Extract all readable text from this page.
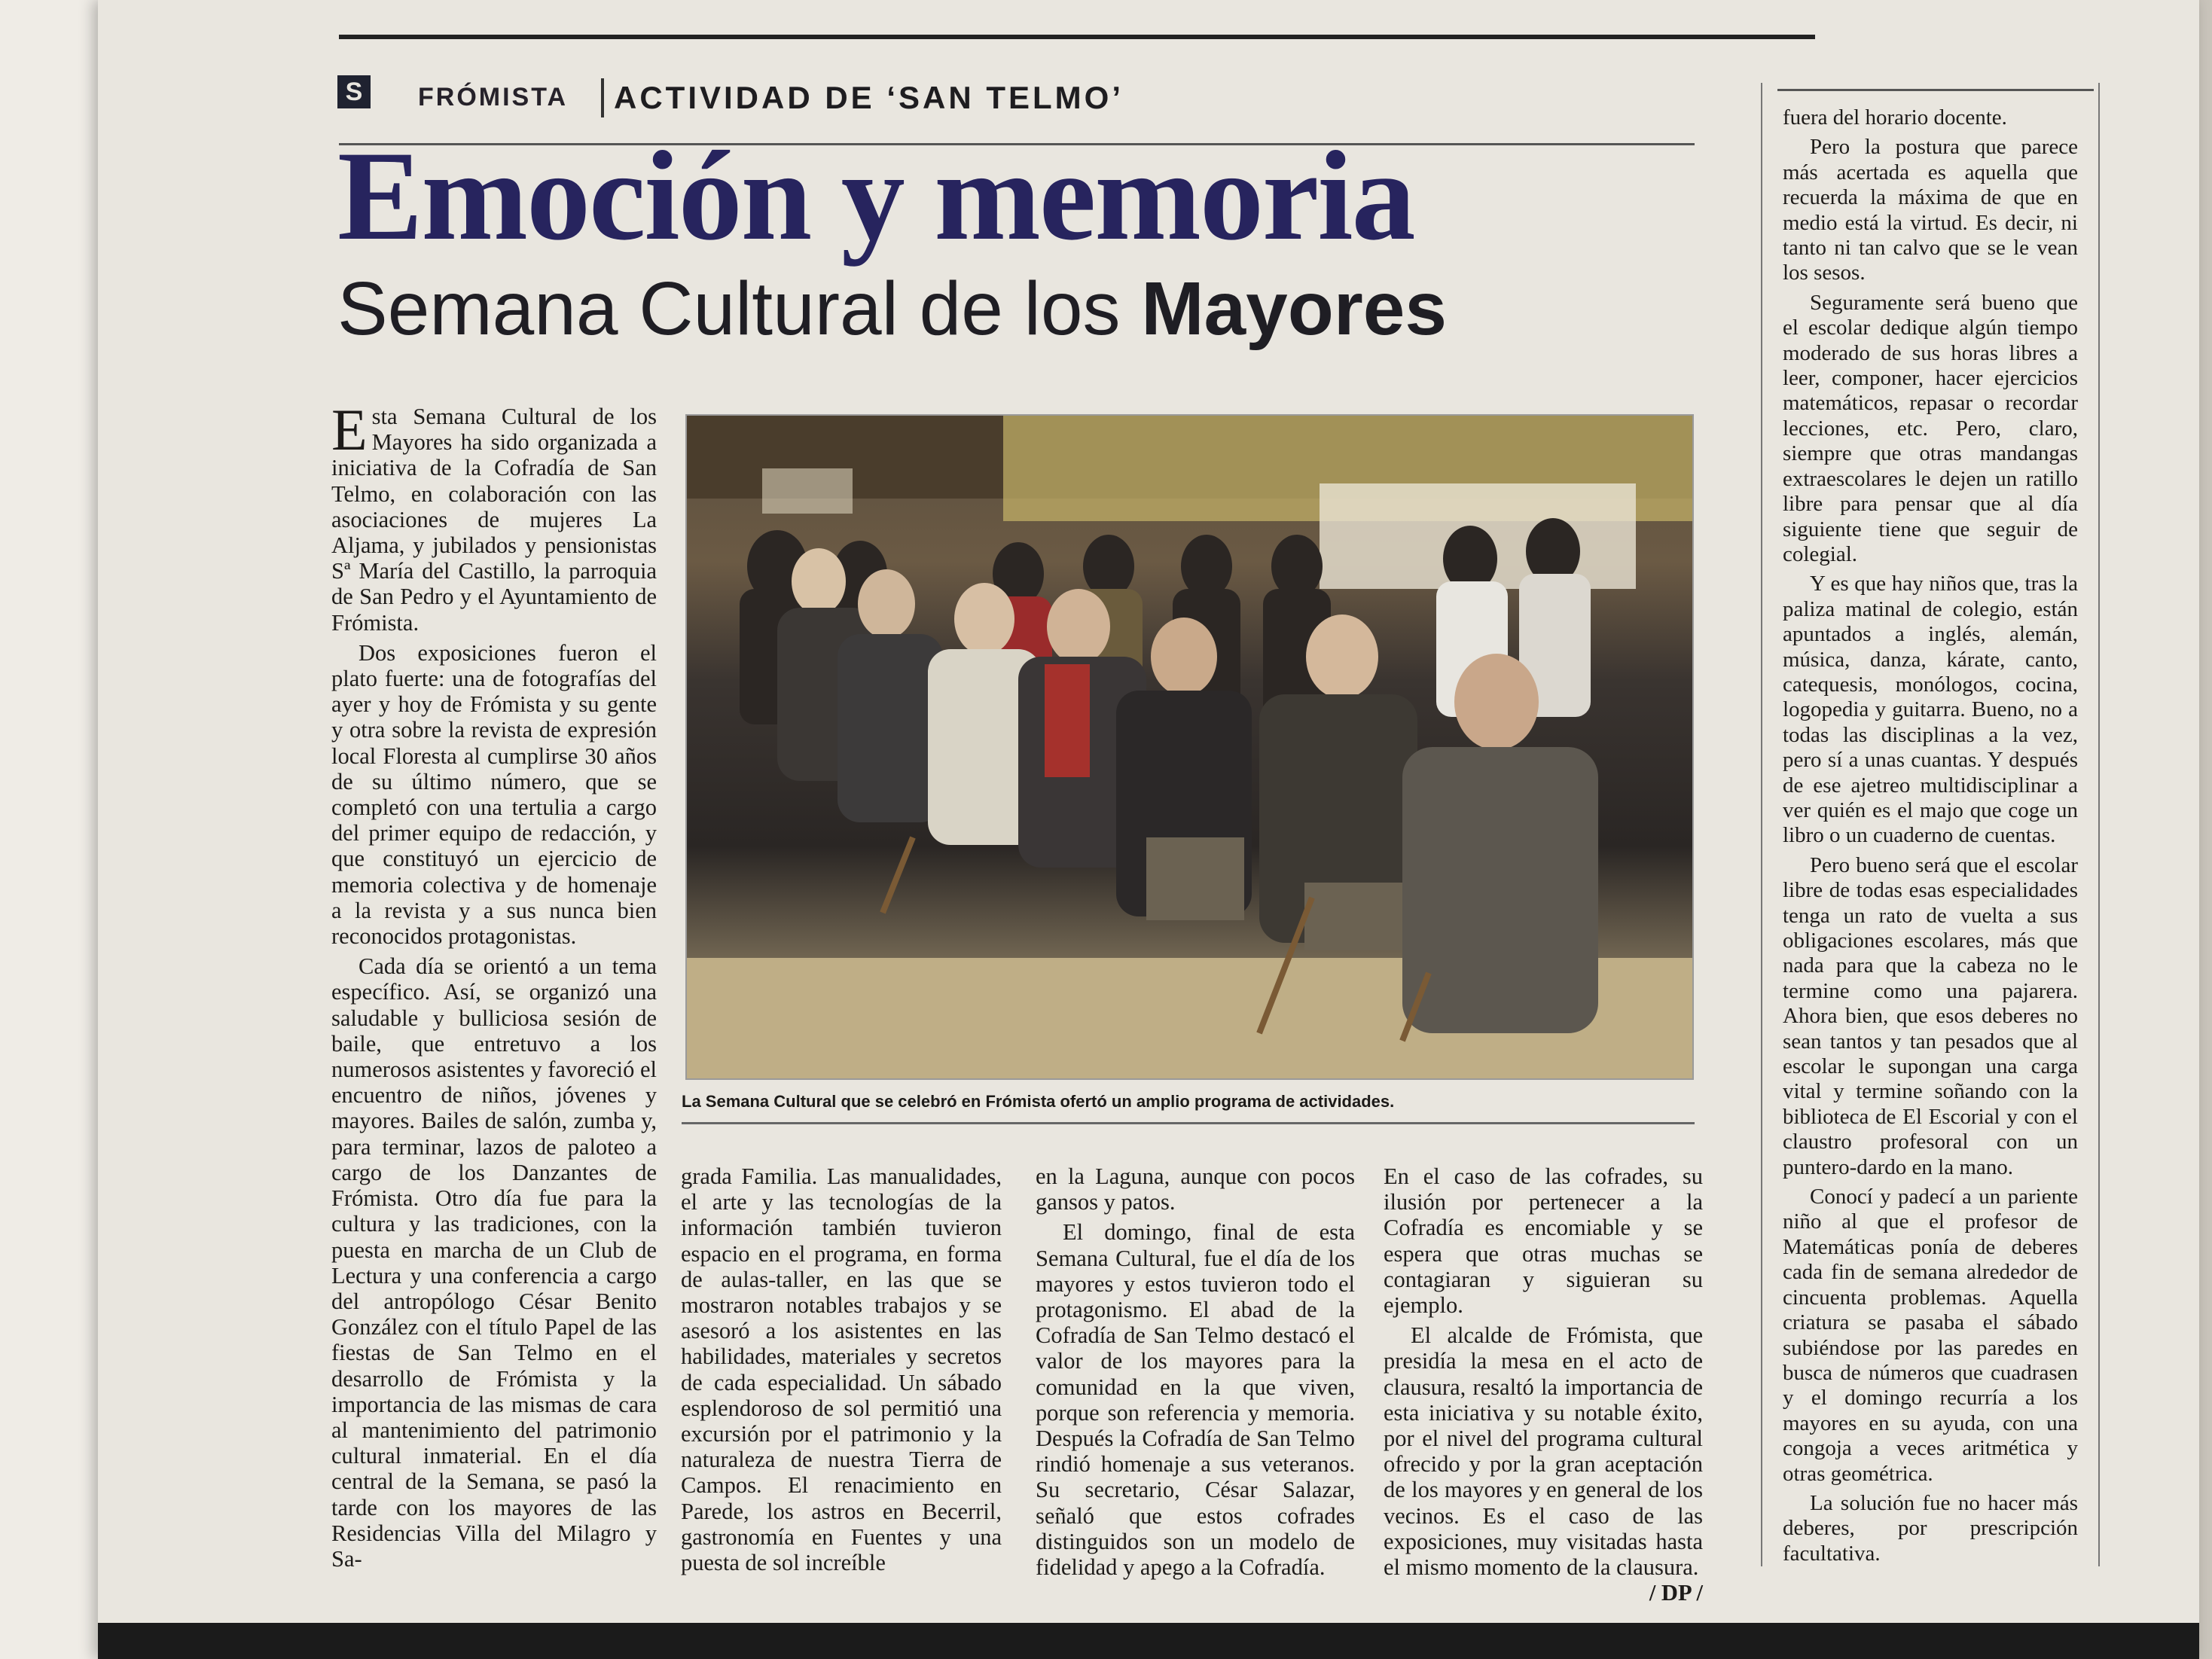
S	FRÓMISTA ACTIVIDAD DE ‘SAN TELMO’
Emoción y memoria
Semana Cultural de los Mayores
La Semana Cultural que se celebró en Frómista ofertó un amplio programa de actividades.

Esta Semana Cultural de los Mayores ha sido organizada a iniciativa de la Cofradía de San Telmo, en colaboración con las asociaciones de mujeres La Aljama, y jubilados y pensionistas Sª María del Castillo, la parroquia de San Pedro y el Ayuntamiento de Frómista.

Dos exposiciones fueron el plato fuerte: una de fotografías del ayer y hoy de Frómista y su gente y otra sobre la revista de expresión local Floresta al cumplirse 30 años de su último número, que se completó con una tertulia a cargo del primer equipo de redacción, y que constituyó un ejercicio de memoria colectiva y de homenaje a la revista y a sus nunca bien reconocidos protagonistas.

Cada día se orientó a un tema específico. Así, se organizó una saludable y bulliciosa sesión de baile, que entretuvo a los numerosos asistentes y favoreció el encuentro de niños, jóvenes y mayores. Bailes de salón, zumba y, para terminar, lazos de paloteo a cargo de los Danzantes de Frómista. Otro día fue para la cultura y las tradiciones, con la puesta en marcha de un Club de Lectura y una conferencia a cargo del antropólogo César Benito González con el título Papel de las fiestas de San Telmo en el desarrollo de Frómista y la importancia de las mismas de cara al mantenimiento del patrimonio cultural inmaterial. En el día central de la Semana, se pasó la tarde con los mayores de las Residencias Villa del Milagro y Sa-

grada Familia. Las manualidades, el arte y las tecnologías de la información también tuvieron espacio en el programa, en forma de aulas-taller, en las que se mostraron notables trabajos y se asesoró a los asistentes en las habilidades, materiales y secretos de cada especialidad. Un sábado esplendoroso de sol permitió una excursión por el patrimonio y la naturaleza de nuestra Tierra de Campos. El renacimiento en Parede, los astros en Becerril, gastronomía en Fuentes y una puesta de sol increíble

en la Laguna, aunque con pocos gansos y patos.

El domingo, final de esta Semana Cultural, fue el día de los mayores y estos tuvieron todo el protagonismo. El abad de la Cofradía de San Telmo destacó el valor de los mayores para la comunidad en la que viven, porque son referencia y memoria. Después la Cofradía de San Telmo rindió homenaje a sus veteranos. Su secretario, César Salazar, señaló que estos cofrades distinguidos son un modelo de fidelidad y apego a la Cofradía.

En el caso de las cofrades, su ilusión por pertenecer a la Cofradía es encomiable y se espera que otras muchas se contagiaran y siguieran su ejemplo.

El alcalde de Frómista, que presidía la mesa en el acto de clausura, resaltó la importancia de esta iniciativa y su notable éxito, por el nivel del programa cultural ofrecido y por la gran aceptación de los mayores y en general de los vecinos. Es el caso de las exposiciones, muy visitadas hasta el mismo momento de la clausura.
/ DP /

fuera del horario docente.

Pero la postura que parece más acertada es aquella que recuerda la máxima de que en medio está la virtud. Es decir, ni tanto ni tan calvo que se le vean los sesos.

Seguramente será bueno que el escolar dedique algún tiempo moderado de sus horas libres a leer, componer, hacer ejercicios matemáticos, repasar o recordar lecciones, etc. Pero, claro, siempre que otras mandangas extraescolares le dejen un ratillo libre para pensar que al día siguiente tiene que seguir de colegial.

Y es que hay niños que, tras la paliza matinal de colegio, están apuntados a inglés, alemán, música, danza, kárate, canto, catequesis, monólogos, cocina, logopedia y guitarra. Bueno, no a todas las disciplinas a la vez, pero sí a unas cuantas. Y después de ese ajetreo multidisciplinar a ver quién es el majo que coge un libro o un cuaderno de cuentas.

Pero bueno será que el escolar libre de todas esas especialidades tenga un rato de vuelta a sus obligaciones escolares, más que nada para que la cabeza no le termine como una pajarera. Ahora bien, que esos deberes no sean tantos y tan pesados que al escolar le supongan una carga vital y termine soñando con la biblioteca de El Escorial y con el claustro profesoral con un puntero-dardo en la mano.

Conocí y padecí a un pariente niño al que el profesor de Matemáticas ponía de deberes cada fin de semana alrededor de cincuenta problemas. Aquella criatura se pasaba el sábado subiéndose por las paredes en busca de números que cuadrasen y el domingo recurría a los mayores en su ayuda, con una congoja a veces aritmética y otras geométrica.

La solución fue no hacer más deberes, por prescripción facultativa.
